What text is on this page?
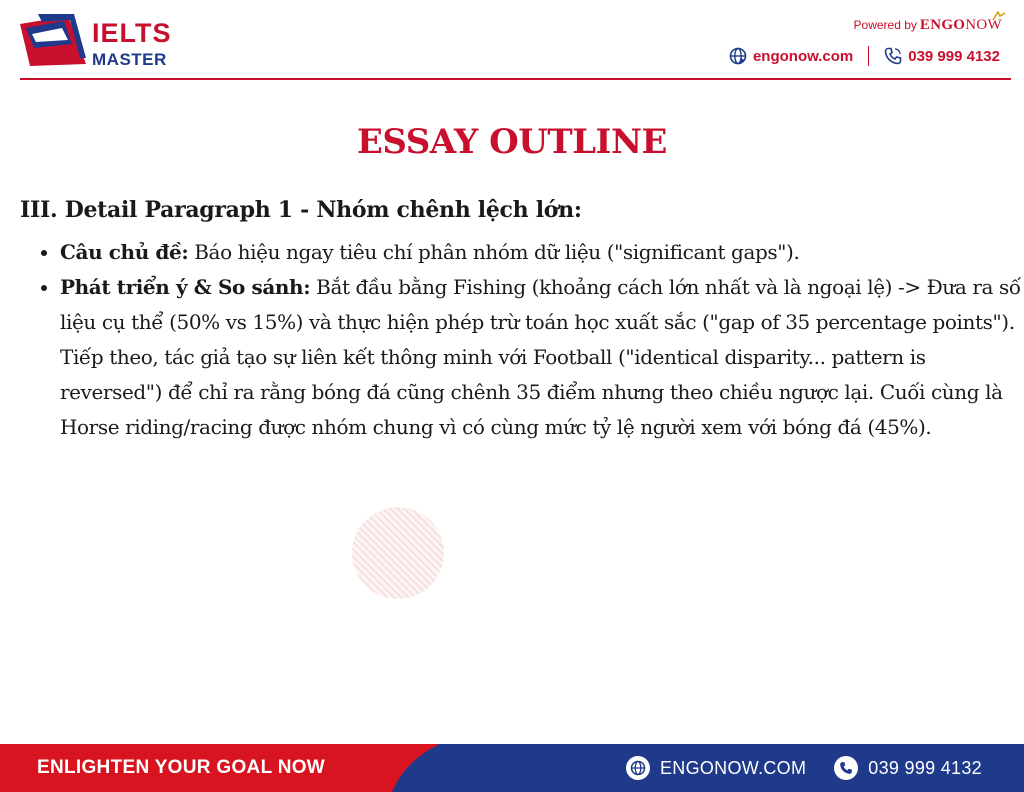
IELTS
MASTER
Powered by ENGONOW
engonow.com	039 999 4132
ESSAY OUTLINE
III. Detail Paragraph 1 - Nhóm chênh lệch lớn:
Câu chủ đề: Báo hiệu ngay tiêu chí phân nhóm dữ liệu ("significant gaps").
Phát triển ý & So sánh: Bắt đầu bằng Fishing (khoảng cách lớn nhất và là ngoại lệ) -> Đưa ra số liệu cụ thể (50% vs 15%) và thực hiện phép trừ toán học xuất sắc ("gap of 35 percentage points"). Tiếp theo, tác giả tạo sự liên kết thông minh với Football ("identical disparity... pattern is reversed") để chỉ ra rằng bóng đá cũng chênh 35 điểm nhưng theo chiều ngược lại. Cuối cùng là Horse riding/racing được nhóm chung vì có cùng mức tỷ lệ người xem với bóng đá (45%).
ENLIGHTEN YOUR GOAL NOW	ENGONOW.COM	039 999 4132
